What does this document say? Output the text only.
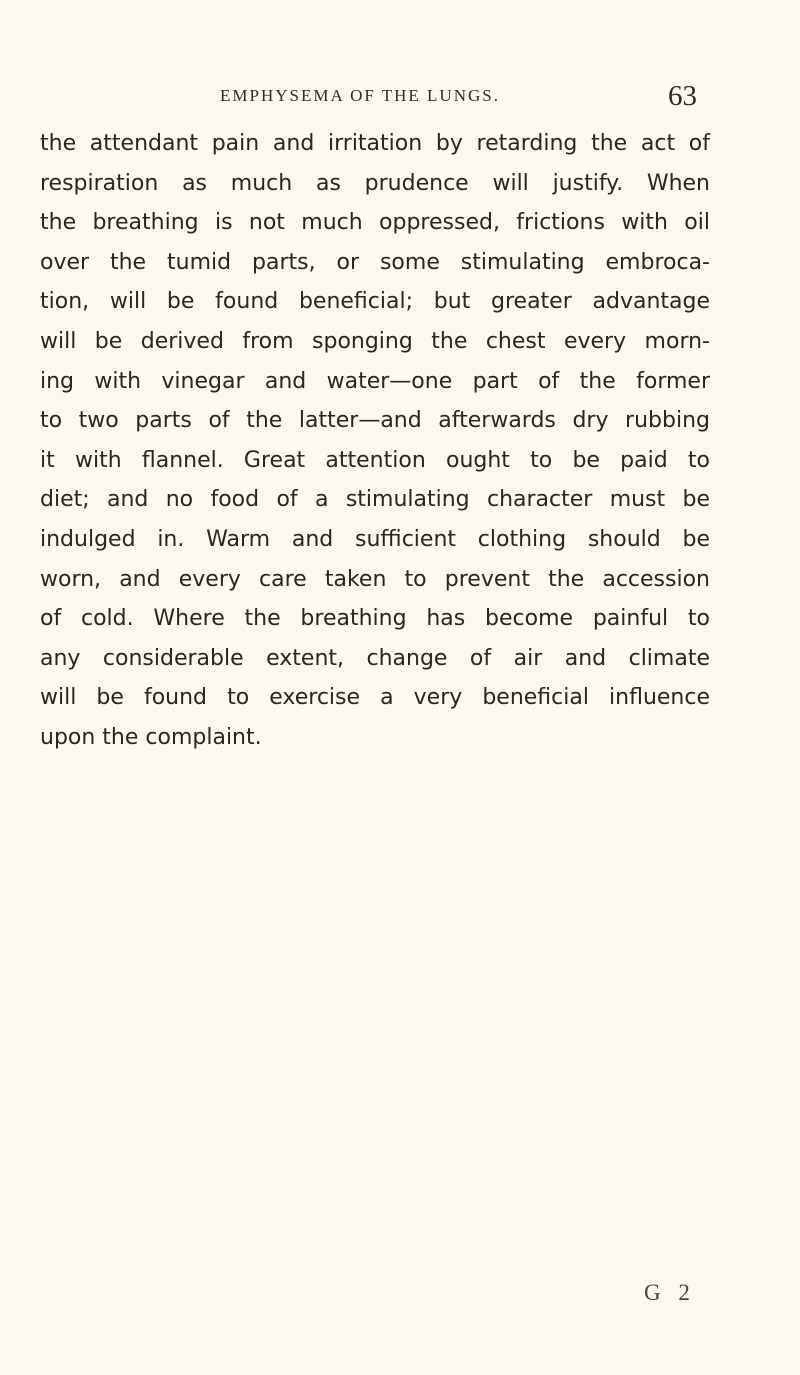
EMPHYSEMA OF THE LUNGS.	63
the attendant pain and irritation by retarding the act of
respiration as much as prudence will justify. When
the breathing is not much oppressed, frictions with oil
over the tumid parts, or some stimulating embroca-
tion, will be found beneficial; but greater advantage
will be derived from sponging the chest every morn-
ing with vinegar and water—one part of the former
to two parts of the latter—and afterwards dry rubbing
it with flannel. Great attention ought to be paid to
diet; and no food of a stimulating character must be
indulged in. Warm and sufficient clothing should be
worn, and every care taken to prevent the accession
of cold. Where the breathing has become painful to
any considerable extent, change of air and climate
will be found to exercise a very beneficial influence
upon the complaint.
G 2
